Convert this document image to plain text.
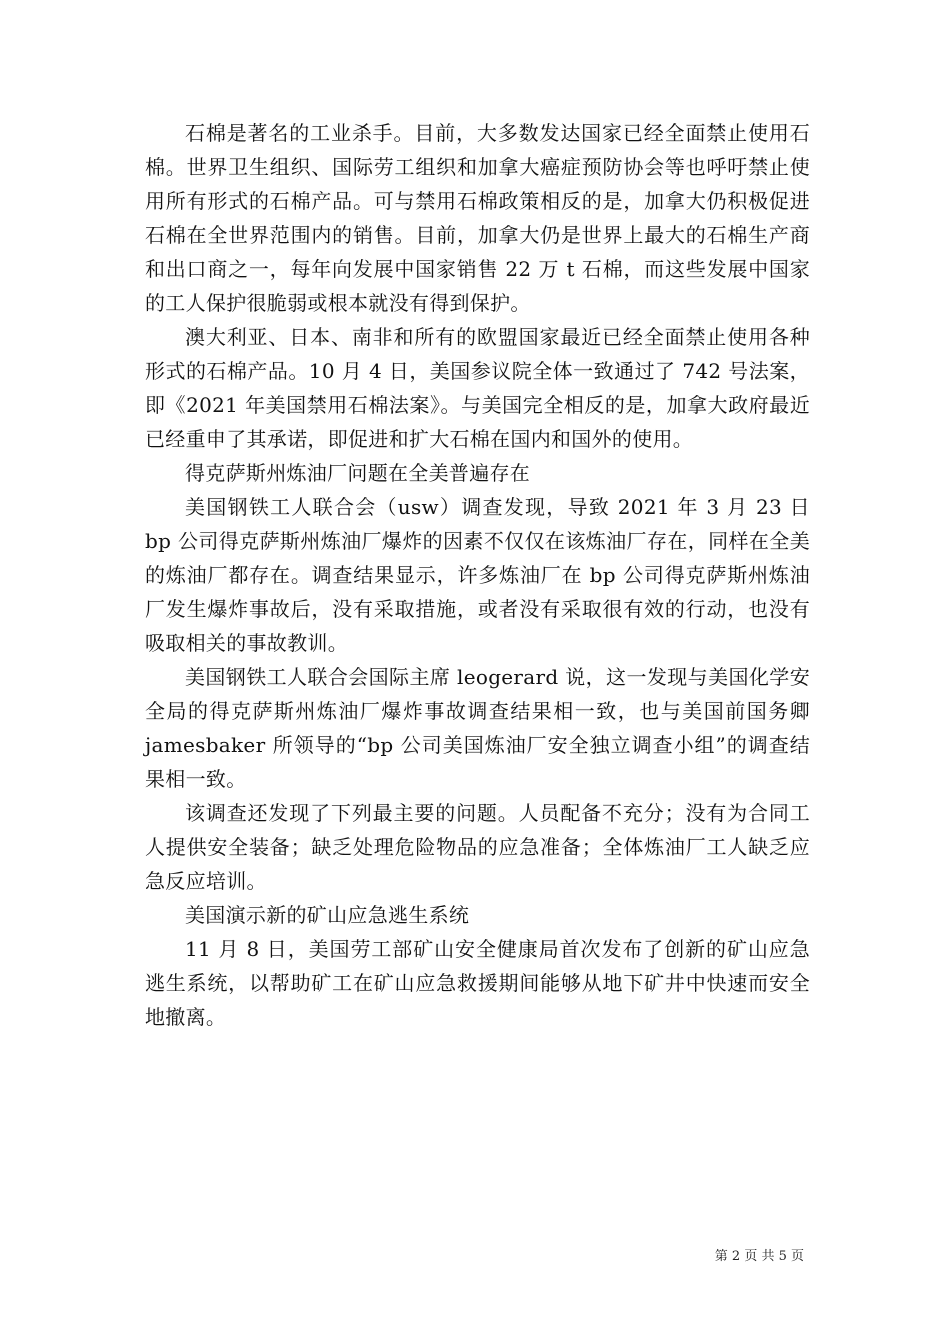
石棉是著名的工业杀手。目前，大多数发达国家已经全面禁止使用石棉。世界卫生组织、国际劳工组织和加拿大癌症预防协会等也呼吁禁止使用所有形式的石棉产品。可与禁用石棉政策相反的是，加拿大仍积极促进石棉在全世界范围内的销售。目前，加拿大仍是世界上最大的石棉生产商和出口商之一，每年向发展中国家销售 22 万 t 石棉，而这些发展中国家的工人保护很脆弱或根本就没有得到保护。

澳大利亚、日本、南非和所有的欧盟国家最近已经全面禁止使用各种形式的石棉产品。10 月 4 日，美国参议院全体一致通过了 742 号法案，即《2021 年美国禁用石棉法案》。与美国完全相反的是，加拿大政府最近已经重申了其承诺，即促进和扩大石棉在国内和国外的使用。

得克萨斯州炼油厂问题在全美普遍存在

美国钢铁工人联合会（usw）调查发现，导致 2021 年 3 月 23 日 bp 公司得克萨斯州炼油厂爆炸的因素不仅仅在该炼油厂存在，同样在全美的炼油厂都存在。调查结果显示，许多炼油厂在 bp 公司得克萨斯州炼油厂发生爆炸事故后，没有采取措施，或者没有采取很有效的行动，也没有吸取相关的事故教训。

美国钢铁工人联合会国际主席 leogerard 说，这一发现与美国化学安全局的得克萨斯州炼油厂爆炸事故调查结果相一致，也与美国前国务卿 jamesbaker 所领导的“bp 公司美国炼油厂安全独立调查小组”的调查结果相一致。

该调查还发现了下列最主要的问题。人员配备不充分；没有为合同工人提供安全装备；缺乏处理危险物品的应急准备；全体炼油厂工人缺乏应急反应培训。

美国演示新的矿山应急逃生系统

11 月 8 日，美国劳工部矿山安全健康局首次发布了创新的矿山应急逃生系统，以帮助矿工在矿山应急救援期间能够从地下矿井中快速而安全地撤离。

第 2 页 共 5 页
